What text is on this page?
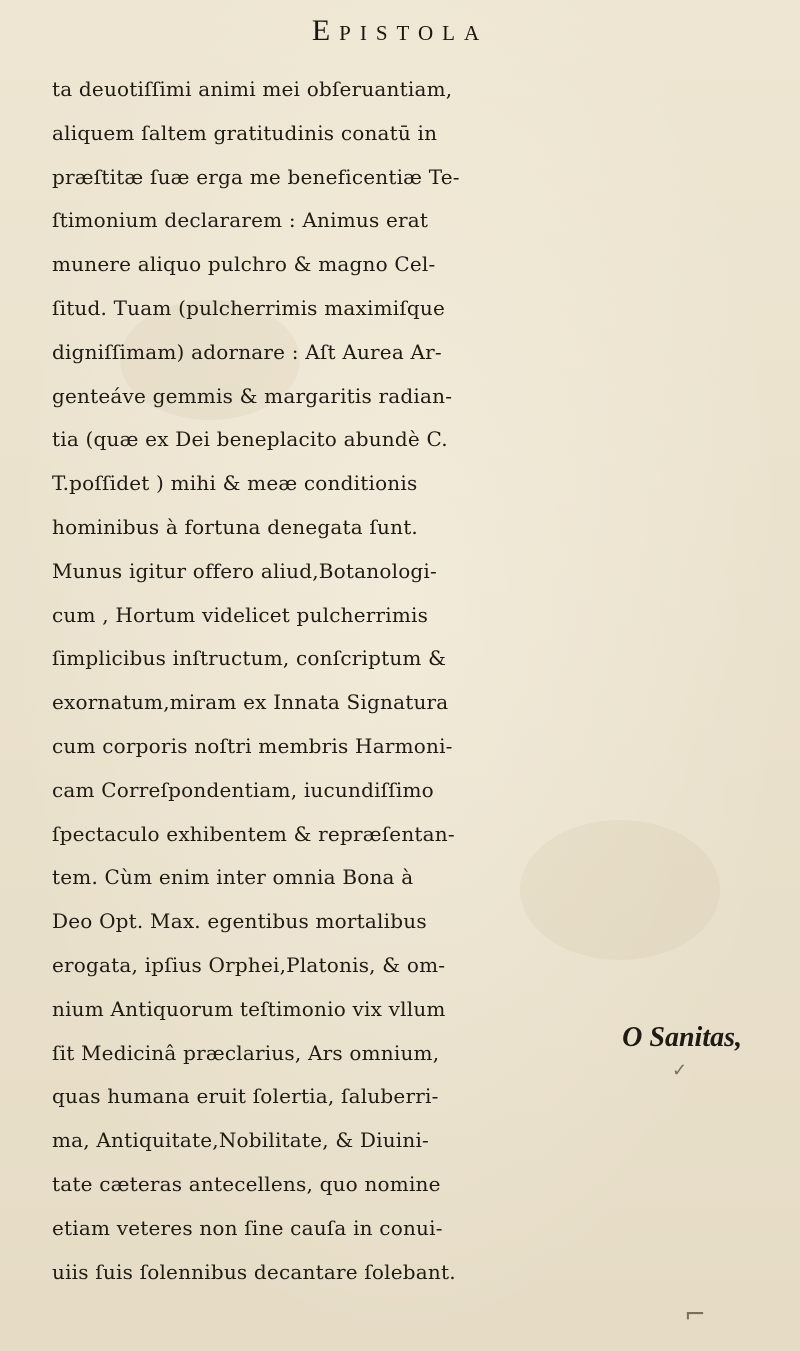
Epistola
ta deuotiſſimi animi mei obſeruantiam,
aliquem ſaltem gratitudinis conatū in
præſtitæ ſuæ erga me beneficentiæ Te-
ſtimonium declararem : Animus erat
munere aliquo pulchro & magno Cel-
ſitud. Tuam (pulcherrimis maximiſque
digniſſimam) adornare : Aſt Aurea Ar-
genteáve gemmis & margaritis radian-
tia (quæ ex Dei beneplacito abundè C.
T.poſſidet ) mihi & meæ conditionis
hominibus à fortuna denegata ſunt.
Munus igitur offero aliud,Botanologi-
cum , Hortum videlicet pulcherrimis
ſimplicibus inſtructum, conſcriptum &
exornatum,miram ex Innata Signatura
cum corporis noſtri membris Harmoni-
cam Correſpondentiam, iucundiſſimo
ſpectaculo exhibentem & repræſentan-
tem. Cùm enim inter omnia Bona à
Deo Opt. Max. egentibus mortalibus
erogata, ipſius Orphei,Platonis, & om-
nium Antiquorum teſtimonio vix vllum
ſit Medicinâ præclarius, Ars omnium,
quas humana eruit ſolertia, ſaluberri-
ma, Antiquitate,Nobilitate, & Diuini-
tate cæteras antecellens, quo nomine
etiam veteres non ſine cauſa in conui-
uiis ſuis ſolennibus decantare ſolebant.
O Sanitas,
✓
⌐
